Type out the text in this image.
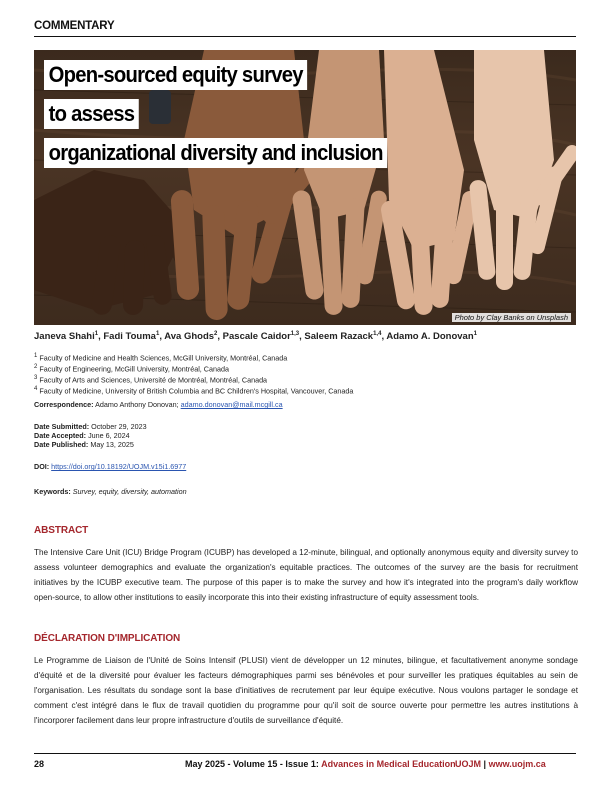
COMMENTARY
Open-sourced equity survey
to assess
organizational diversity and inclusion
Photo by Clay Banks on Unsplash
Janeva Shahi$^1$, Fadi Touma$^1$, Ava Ghods$^2$, Pascale Caidor$^{1,3}$, Saleem Razack$^{1,4}$, Adamo A. Donovan$^1$
$^1$ Faculty of Medicine and Health Sciences, McGill University, Montréal, Canada
$^2$ Faculty of Engineering, McGill University, Montréal, Canada
$^3$ Faculty of Arts and Sciences, Université de Montréal, Montréal, Canada
$^4$ Faculty of Medicine, University of British Columbia and BC Children's Hospital, Vancouver, Canada
Correspondence: Adamo Anthony Donovan; adamo.donovan@mail.mcgill.ca
Date Submitted: October 29, 2023
Date Accepted: June 6, 2024
Date Published: May 13, 2025
DOI: https://doi.org/10.18192/UOJM.v15i1.6977
Keywords: Survey, equity, diversity, automation
ABSTRACT
The Intensive Care Unit (ICU) Bridge Program (ICUBP) has developed a 12-minute, bilingual, and optionally anonymous equity and diversity survey to assess volunteer demographics and evaluate the organization's equitable practices. The outcomes of the survey are the basis for recruitment initiatives by the ICUBP executive team. The purpose of this paper is to make the survey and how it's integrated into the program's daily workflow open-source, to allow other institutions to easily incorporate this into their existing infrastructure of equity assessment tools.
DÉCLARATION D'IMPLICATION
Le Programme de Liaison de l'Unité de Soins Intensif (PLUSI) vient de développer un 12 minutes, bilingue, et facultativement anonyme sondage d'équité et de la diversité pour évaluer les facteurs démographiques parmi ses bénévoles et pour surveiller les pratiques équitables au sein de l'organisation. Les résultats du sondage sont la base d'initiatives de recrutement par leur équipe exécutive. Nous voulons partager le sondage et comment c'est intégré dans le flux de travail quotidien du programme pour qu'il soit de source ouverte pour permettre les autres institutions à l'incorporer facilement dans leur propre infrastructure d'outils de surveillance d'équité.
28	May 2025 - Volume 15 - Issue 1: Advances in Medical Education UOJM | www.uojm.ca
